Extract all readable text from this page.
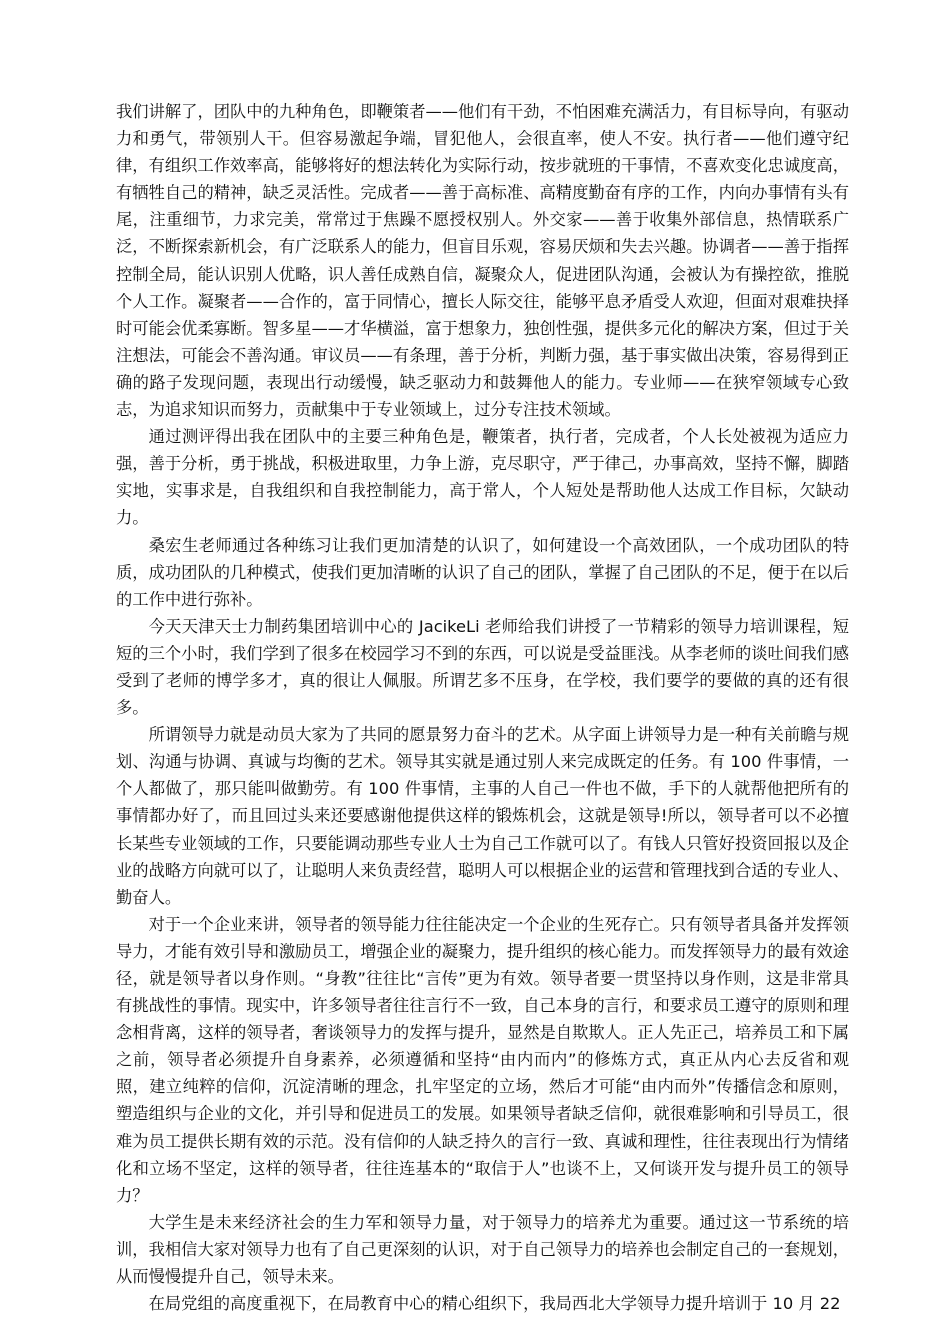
我们讲解了，团队中的九种角色，即鞭策者——他们有干劲，不怕困难充满活力，有目标导向，有驱动力和勇气，带领别人干。但容易激起争端，冒犯他人，会很直率，使人不安。执行者——他们遵守纪律，有组织工作效率高，能够将好的想法转化为实际行动，按步就班的干事情，不喜欢变化忠诚度高，有牺牲自己的精神，缺乏灵活性。完成者——善于高标准、高精度勤奋有序的工作，内向办事情有头有尾，注重细节，力求完美，常常过于焦躁不愿授权别人。外交家——善于收集外部信息，热情联系广泛，不断探索新机会，有广泛联系人的能力，但盲目乐观，容易厌烦和失去兴趣。协调者——善于指挥控制全局，能认识别人优略，识人善任成熟自信，凝聚众人，促进团队沟通，会被认为有操控欲，推脱个人工作。凝聚者——合作的，富于同情心，擅长人际交往，能够平息矛盾受人欢迎，但面对艰难抉择时可能会优柔寡断。智多星——才华横溢，富于想象力，独创性强，提供多元化的解决方案，但过于关注想法，可能会不善沟通。审议员——有条理，善于分析，判断力强，基于事实做出决策，容易得到正确的路子发现问题，表现出行动缓慢，缺乏驱动力和鼓舞他人的能力。专业师——在狭窄领域专心致志，为追求知识而努力，贡献集中于专业领域上，过分专注技术领域。

通过测评得出我在团队中的主要三种角色是，鞭策者，执行者，完成者，个人长处被视为适应力强，善于分析，勇于挑战，积极进取里，力争上游，克尽职守，严于律己，办事高效，坚持不懈，脚踏实地，实事求是，自我组织和自我控制能力，高于常人，个人短处是帮助他人达成工作目标，欠缺动力。

桑宏生老师通过各种练习让我们更加清楚的认识了，如何建设一个高效团队，一个成功团队的特质，成功团队的几种模式，使我们更加清晰的认识了自己的团队，掌握了自己团队的不足，便于在以后的工作中进行弥补。

今天天津天士力制药集团培训中心的 JacikeLi 老师给我们讲授了一节精彩的领导力培训课程，短短的三个小时，我们学到了很多在校园学习不到的东西，可以说是受益匪浅。从李老师的谈吐间我们感受到了老师的博学多才，真的很让人佩服。所谓艺多不压身，在学校，我们要学的要做的真的还有很多。

所谓领导力就是动员大家为了共同的愿景努力奋斗的艺术。从字面上讲领导力是一种有关前瞻与规划、沟通与协调、真诚与均衡的艺术。领导其实就是通过别人来完成既定的任务。有 100 件事情，一个人都做了，那只能叫做勤劳。有 100 件事情，主事的人自己一件也不做，手下的人就帮他把所有的事情都办好了，而且回过头来还要感谢他提供这样的锻炼机会，这就是领导!所以，领导者可以不必擅长某些专业领域的工作，只要能调动那些专业人士为自己工作就可以了。有钱人只管好投资回报以及企业的战略方向就可以了，让聪明人来负责经营，聪明人可以根据企业的运营和管理找到合适的专业人、勤奋人。

对于一个企业来讲，领导者的领导能力往往能决定一个企业的生死存亡。只有领导者具备并发挥领导力，才能有效引导和激励员工，增强企业的凝聚力，提升组织的核心能力。而发挥领导力的最有效途径，就是领导者以身作则。“身教”往往比“言传”更为有效。领导者要一贯坚持以身作则，这是非常具有挑战性的事情。现实中，许多领导者往往言行不一致，自己本身的言行，和要求员工遵守的原则和理念相背离，这样的领导者，奢谈领导力的发挥与提升，显然是自欺欺人。正人先正己，培养员工和下属之前，领导者必须提升自身素养，必须遵循和坚持“由内而内”的修炼方式，真正从内心去反省和观照，建立纯粹的信仰，沉淀清晰的理念，扎牢坚定的立场，然后才可能“由内而外”传播信念和原则，塑造组织与企业的文化，并引导和促进员工的发展。如果领导者缺乏信仰，就很难影响和引导员工，很难为员工提供长期有效的示范。没有信仰的人缺乏持久的言行一致、真诚和理性，往往表现出行为情绪化和立场不坚定，这样的领导者，往往连基本的“取信于人”也谈不上，又何谈开发与提升员工的领导力？

大学生是未来经济社会的生力军和领导力量，对于领导力的培养尤为重要。通过这一节系统的培训，我相信大家对领导力也有了自己更深刻的认识，对于自己领导力的培养也会制定自己的一套规划，从而慢慢提升自己，领导未来。

在局党组的高度重视下，在局教育中心的精心组织下，我局西北大学领导力提升培训于 10 月 22
